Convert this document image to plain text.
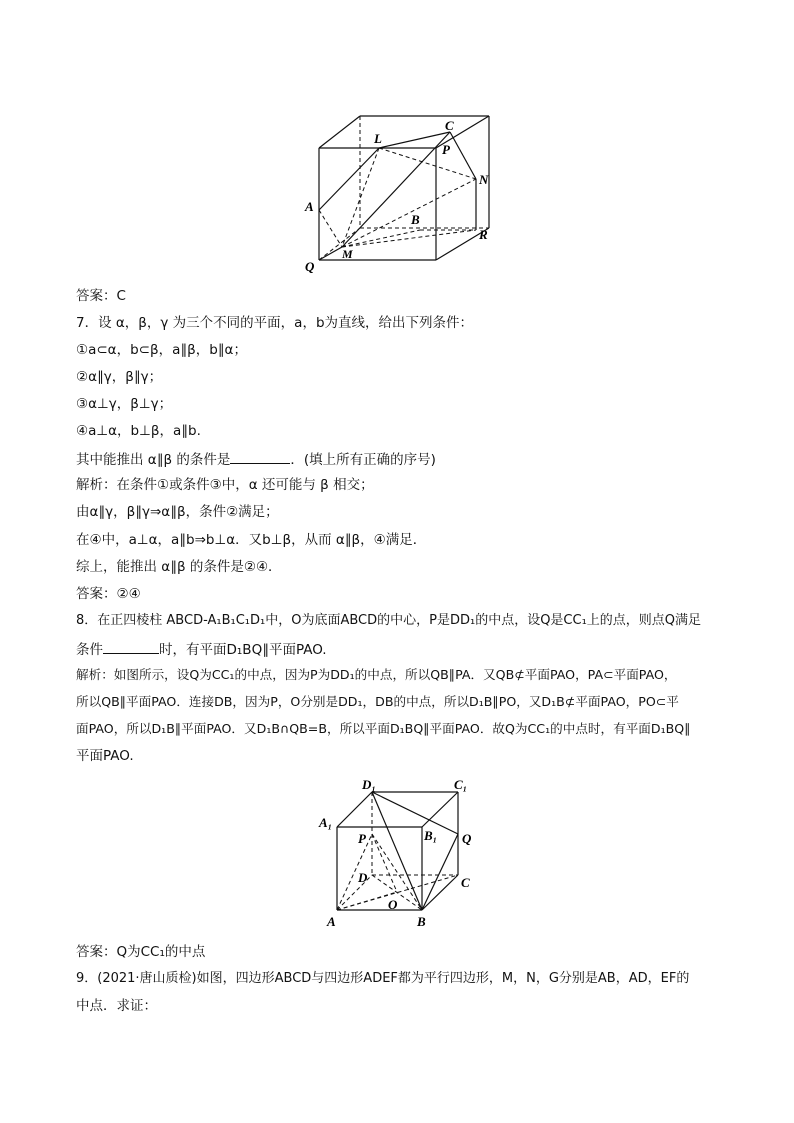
L
C
P
N
A
B
R
Q
M
答案：C
7．设 α，β，γ 为三个不同的平面，a，b为直线，给出下列条件：
①a⊂α，b⊂β，a∥β，b∥α；
②α∥γ，β∥γ；
③α⊥γ，β⊥γ；
④a⊥α，b⊥β，a∥b.
其中能推出 α∥β 的条件是	．(填上所有正确的序号)
解析：在条件①或条件③中，α 还可能与 β 相交；
由α∥γ，β∥γ⇒α∥β，条件②满足；
在④中，a⊥α，a∥b⇒b⊥α．又b⊥β，从而 α∥β，④满足．
综上，能推出 α∥β 的条件是②④．
答案：②④
8．在正四棱柱 ABCD-A₁B₁C₁D₁中，O为底面ABCD的中心，P是DD₁的中点，设Q是CC₁上的点，则点Q满足
条件	时，有平面D₁BQ∥平面PAO.
解析：如图所示，设Q为CC₁的中点，因为P为DD₁的中点，所以QB∥PA．又QB⊄平面PAO，PA⊂平面PAO，
所以QB∥平面PAO．连接DB，因为P，O分别是DD₁，DB的中点，所以D₁B∥PO，又D₁B⊄平面PAO，PO⊂平
面PAO，所以D₁B∥平面PAO．又D₁B∩QB=B，所以平面D₁BQ∥平面PAO．故Q为CC₁的中点时，有平面D₁BQ∥
平面PAO.
D₁	C₁
A₁
B₁
P	Q
D	C
O
A	B
答案：Q为CC₁的中点
9．(2021·唐山质检)如图，四边形ABCD与四边形ADEF都为平行四边形，M，N，G分别是AB，AD，EF的
中点．求证：
